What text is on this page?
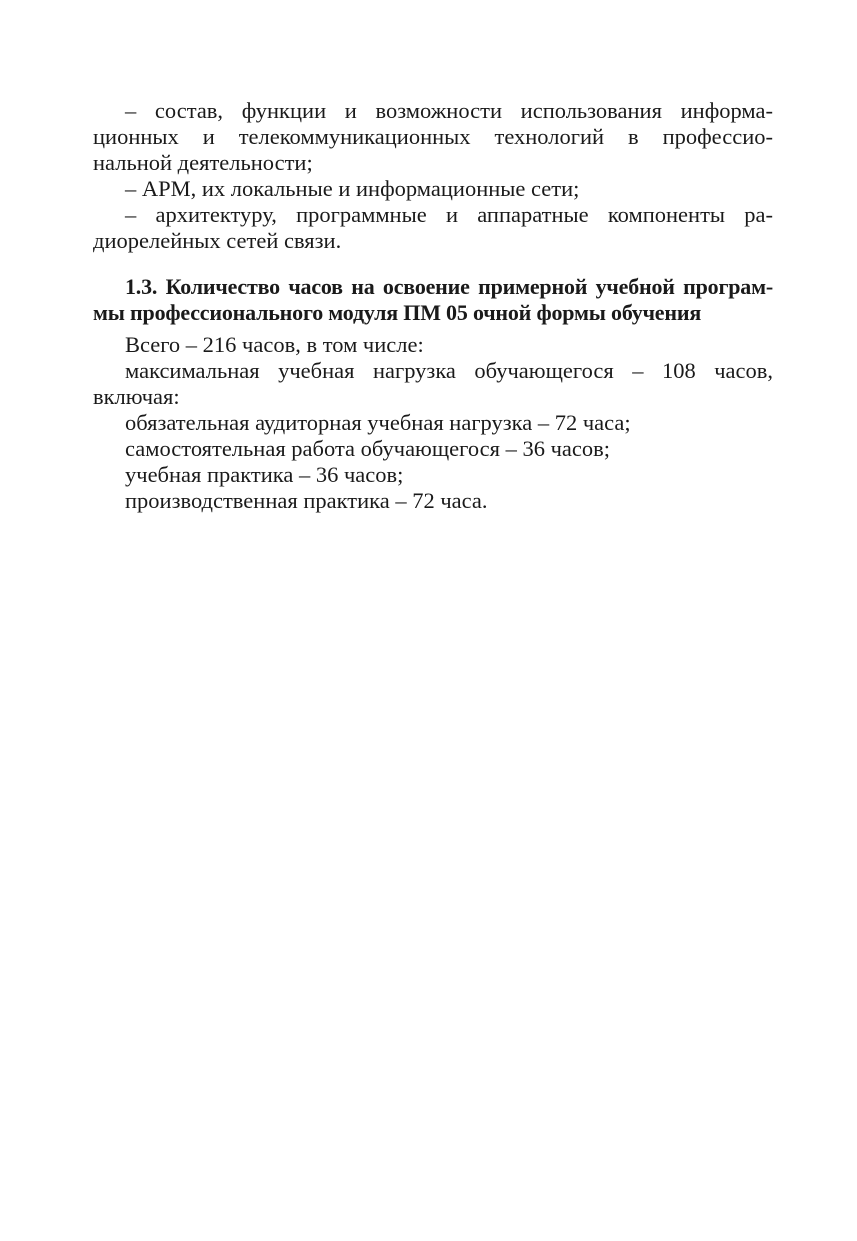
– состав, функции и возможности использования информа-
ционных и телекоммуникационных технологий в профессио-
нальной деятельности;
– АРМ, их локальные и информационные сети;
– архитектуру, программные и аппаратные компоненты ра-
диорелейных сетей связи.
1.3. Количество часов на освоение примерной учебной програм-
мы профессионального модуля ПМ 05 очной формы обучения
Всего – 216 часов, в том числе:
максимальная учебная нагрузка обучающегося – 108 часов,
включая:
обязательная аудиторная учебная нагрузка – 72 часа;
самостоятельная работа обучающегося – 36 часов;
учебная практика – 36 часов;
производственная практика – 72 часа.
